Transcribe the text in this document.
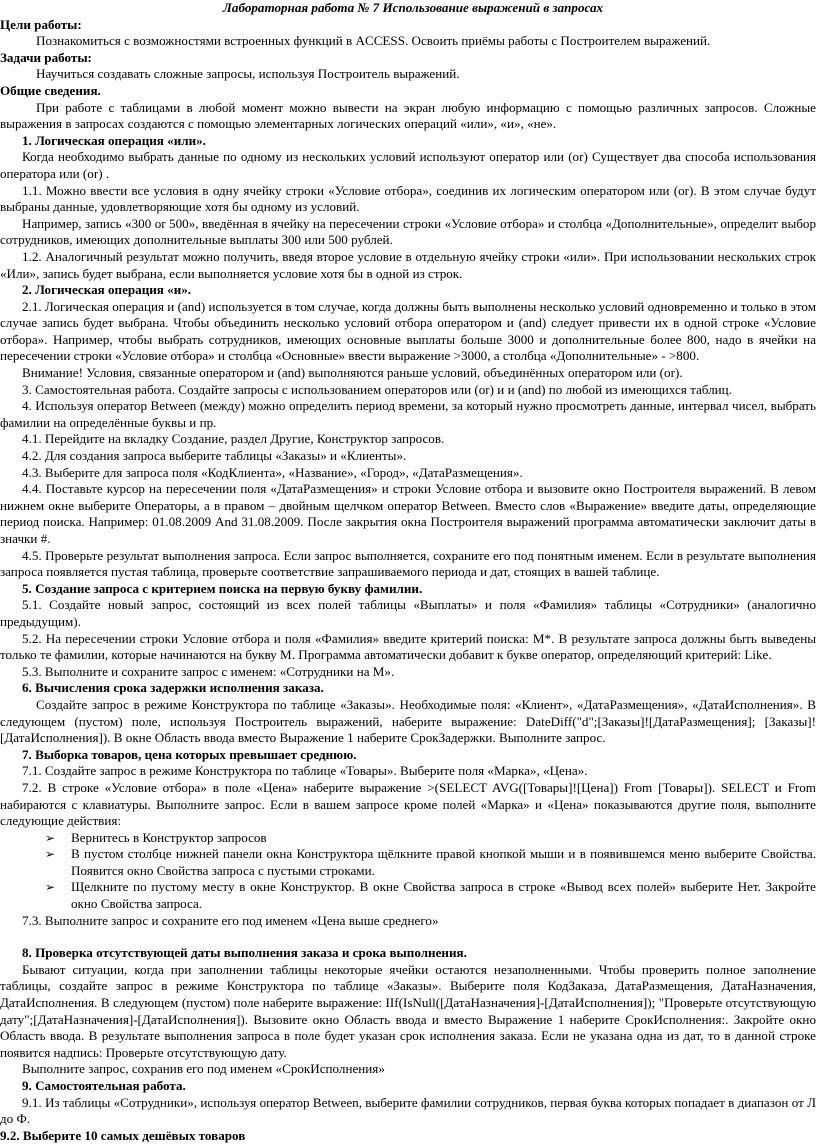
Лабораторная работа № 7 Использование выражений в запросах

Цели работы:

Познакомиться с возможностями встроенных функций в ACCESS. Освоить приёмы работы с Построителем выражений.

Задачи работы:

Научиться создавать сложные запросы, используя Построитель выражений.

Общие сведения.

При работе с таблицами в любой момент можно вывести на экран любую информацию с помощью различных запросов. Сложные выражения в запросах создаются с помощью элементарных логических операций «или», «и», «не».

1. Логическая операция «или».

Когда необходимо выбрать данные по одному из нескольких условий используют оператор или (or) Существует два способа использования оператора или (or) .

1.1. Можно ввести все условия в одну ячейку строки «Условие отбора», соединив их логическим оператором или (or). В этом случае будут выбраны данные, удовлетворяющие хотя бы одному из условий.

Например, запись «300 or 500», введённая в ячейку на пересечении строки «Условие отбора» и столбца «Дополнительные», определит выбор сотрудников, имеющих дополнительные выплаты 300 или 500 рублей.

1.2. Аналогичный результат можно получить, введя второе условие в отдельную ячейку строки «или». При использовании нескольких строк «Или», запись будет выбрана, если выполняется условие хотя бы в одной из строк.

2. Логическая операция «и».

2.1. Логическая операция и (and) используется в том случае, когда должны быть выполнены несколько условий одновременно и только в этом случае запись будет выбрана. Чтобы объединить несколько условий отбора оператором и (and) следует привести их в одной строке «Условие отбора». Например, чтобы выбрать сотрудников, имеющих основные выплаты больше 3000 и дополнительные более 800, надо в ячейки на пересечении строки «Условие отбора» и столбца «Основные» ввести выражение >3000, а столбца «Дополнительные» - >800.

Внимание! Условия, связанные оператором и (and) выполняются раньше условий, объединённых оператором или (or).

3. Самостоятельная работа. Создайте запросы с использованием операторов или (or) и и (and) по любой из имеющихся таблиц.

4. Используя оператор Between (между) можно определить период времени, за который нужно просмотреть данные, интервал чисел, выбрать фамилии на определённые буквы и пр.

4.1. Перейдите на вкладку Создание, раздел Другие, Конструктор запросов.

4.2. Для создания запроса выберите таблицы «Заказы» и «Клиенты».

4.3. Выберите для запроса поля «КодКлиента», «Название», «Город», «ДатаРазмещения».

4.4. Поставьте курсор на пересечении поля «ДатаРазмещения» и строки Условие отбора и вызовите окно Построителя выражений. В левом нижнем окне выберите Операторы, а в правом – двойным щелчком оператор Between. Вместо слов «Выражение» введите даты, определяющие период поиска. Например: 01.08.2009 And 31.08.2009. После закрытия окна Построителя выражений программа автоматически заключит даты в значки #.

4.5. Проверьте результат выполнения запроса. Если запрос выполняется, сохраните его под понятным именем. Если в результате выполнения запроса появляется пустая таблица, проверьте соответствие запрашиваемого периода и дат, стоящих в вашей таблице.

5. Создание запроса с критерием поиска на первую букву фамилии.

5.1. Создайте новый запрос, состоящий из всех полей таблицы «Выплаты» и поля «Фамилия» таблицы «Сотрудники» (аналогично предыдущим).

5.2. На пересечении строки Условие отбора и поля «Фамилия» введите критерий поиска: М*. В результате запроса должны быть выведены только те фамилии, которые начинаются на букву М. Программа автоматически добавит к букве оператор, определяющий критерий: Like.

5.3. Выполните и сохраните запрос с именем: «Сотрудники на М».

6. Вычисления срока задержки исполнения заказа.

Создайте запрос в режиме Конструктора по таблице «Заказы». Необходимые поля: «Клиент», «ДатаРазмещения», «ДатаИсполнения». В следующем (пустом) поле, используя Построитель выражений, наберите выражение: DateDiff("d";[Заказы]![ДатаРазмещения]; [Заказы]![ДатаИсполнения]). В окне Область ввода вместо Выражение 1 наберите СрокЗадержки. Выполните запрос.

7. Выборка товаров, цена которых превышает среднюю.

7.1. Создайте запрос в режиме Конструктора по таблице «Товары». Выберите поля «Марка», «Цена».

7.2. В строке «Условие отбора» в поле «Цена» наберите выражение >(SELECT AVG([Товары]![Цена]) From [Товары]). SELECT и From набираются с клавиатуры. Выполните запрос. Если в вашем запросе кроме полей «Марка» и «Цена» показываются другие поля, выполните следующие действия:

➢ Вернитесь в Конструктор запросов
➢ В пустом столбце нижней панели окна Конструктора щёлкните правой кнопкой мыши и в появившемся меню выберите Свойства. Появится окно Свойства запроса с пустыми строками.
➢ Щелкните по пустому месту в окне Конструктор. В окне Свойства запроса в строке «Вывод всех полей» выберите Нет. Закройте окно Свойства запроса.

7.3. Выполните запрос и сохраните его под именем «Цена выше среднего»

8. Проверка отсутствующей даты выполнения заказа и срока выполнения.

Бывают ситуации, когда при заполнении таблицы некоторые ячейки остаются незаполненными. Чтобы проверить полное заполнение таблицы, создайте запрос в режиме Конструктора по таблице «Заказы». Выберите поля КодЗаказа, ДатаРазмещения, ДатаНазначения, ДатаИсполнения. В следующем (пустом) поле наберите выражение: IIf(IsNull([ДатаНазначения]-[ДатаИсполнения]); "Проверьте отсутствующую дату";[ДатаНазначения]-[ДатаИсполнения]). Вызовите окно Область ввода и вместо Выражение 1 наберите СрокИсполнения:. Закройте окно Область ввода. В результате выполнения запроса в поле будет указан срок исполнения заказа. Если не указана одна из дат, то в данной строке появится надпись: Проверьте отсутствующую дату.

Выполните запрос, сохранив его под именем «СрокИсполнения»

9. Самостоятельная работа.

9.1. Из таблицы «Сотрудники», используя оператор Between, выберите фамилии сотрудников, первая буква которых попадает в диапазон от Л до Ф.

9.2. Выберите 10 самых дешёвых товаров
